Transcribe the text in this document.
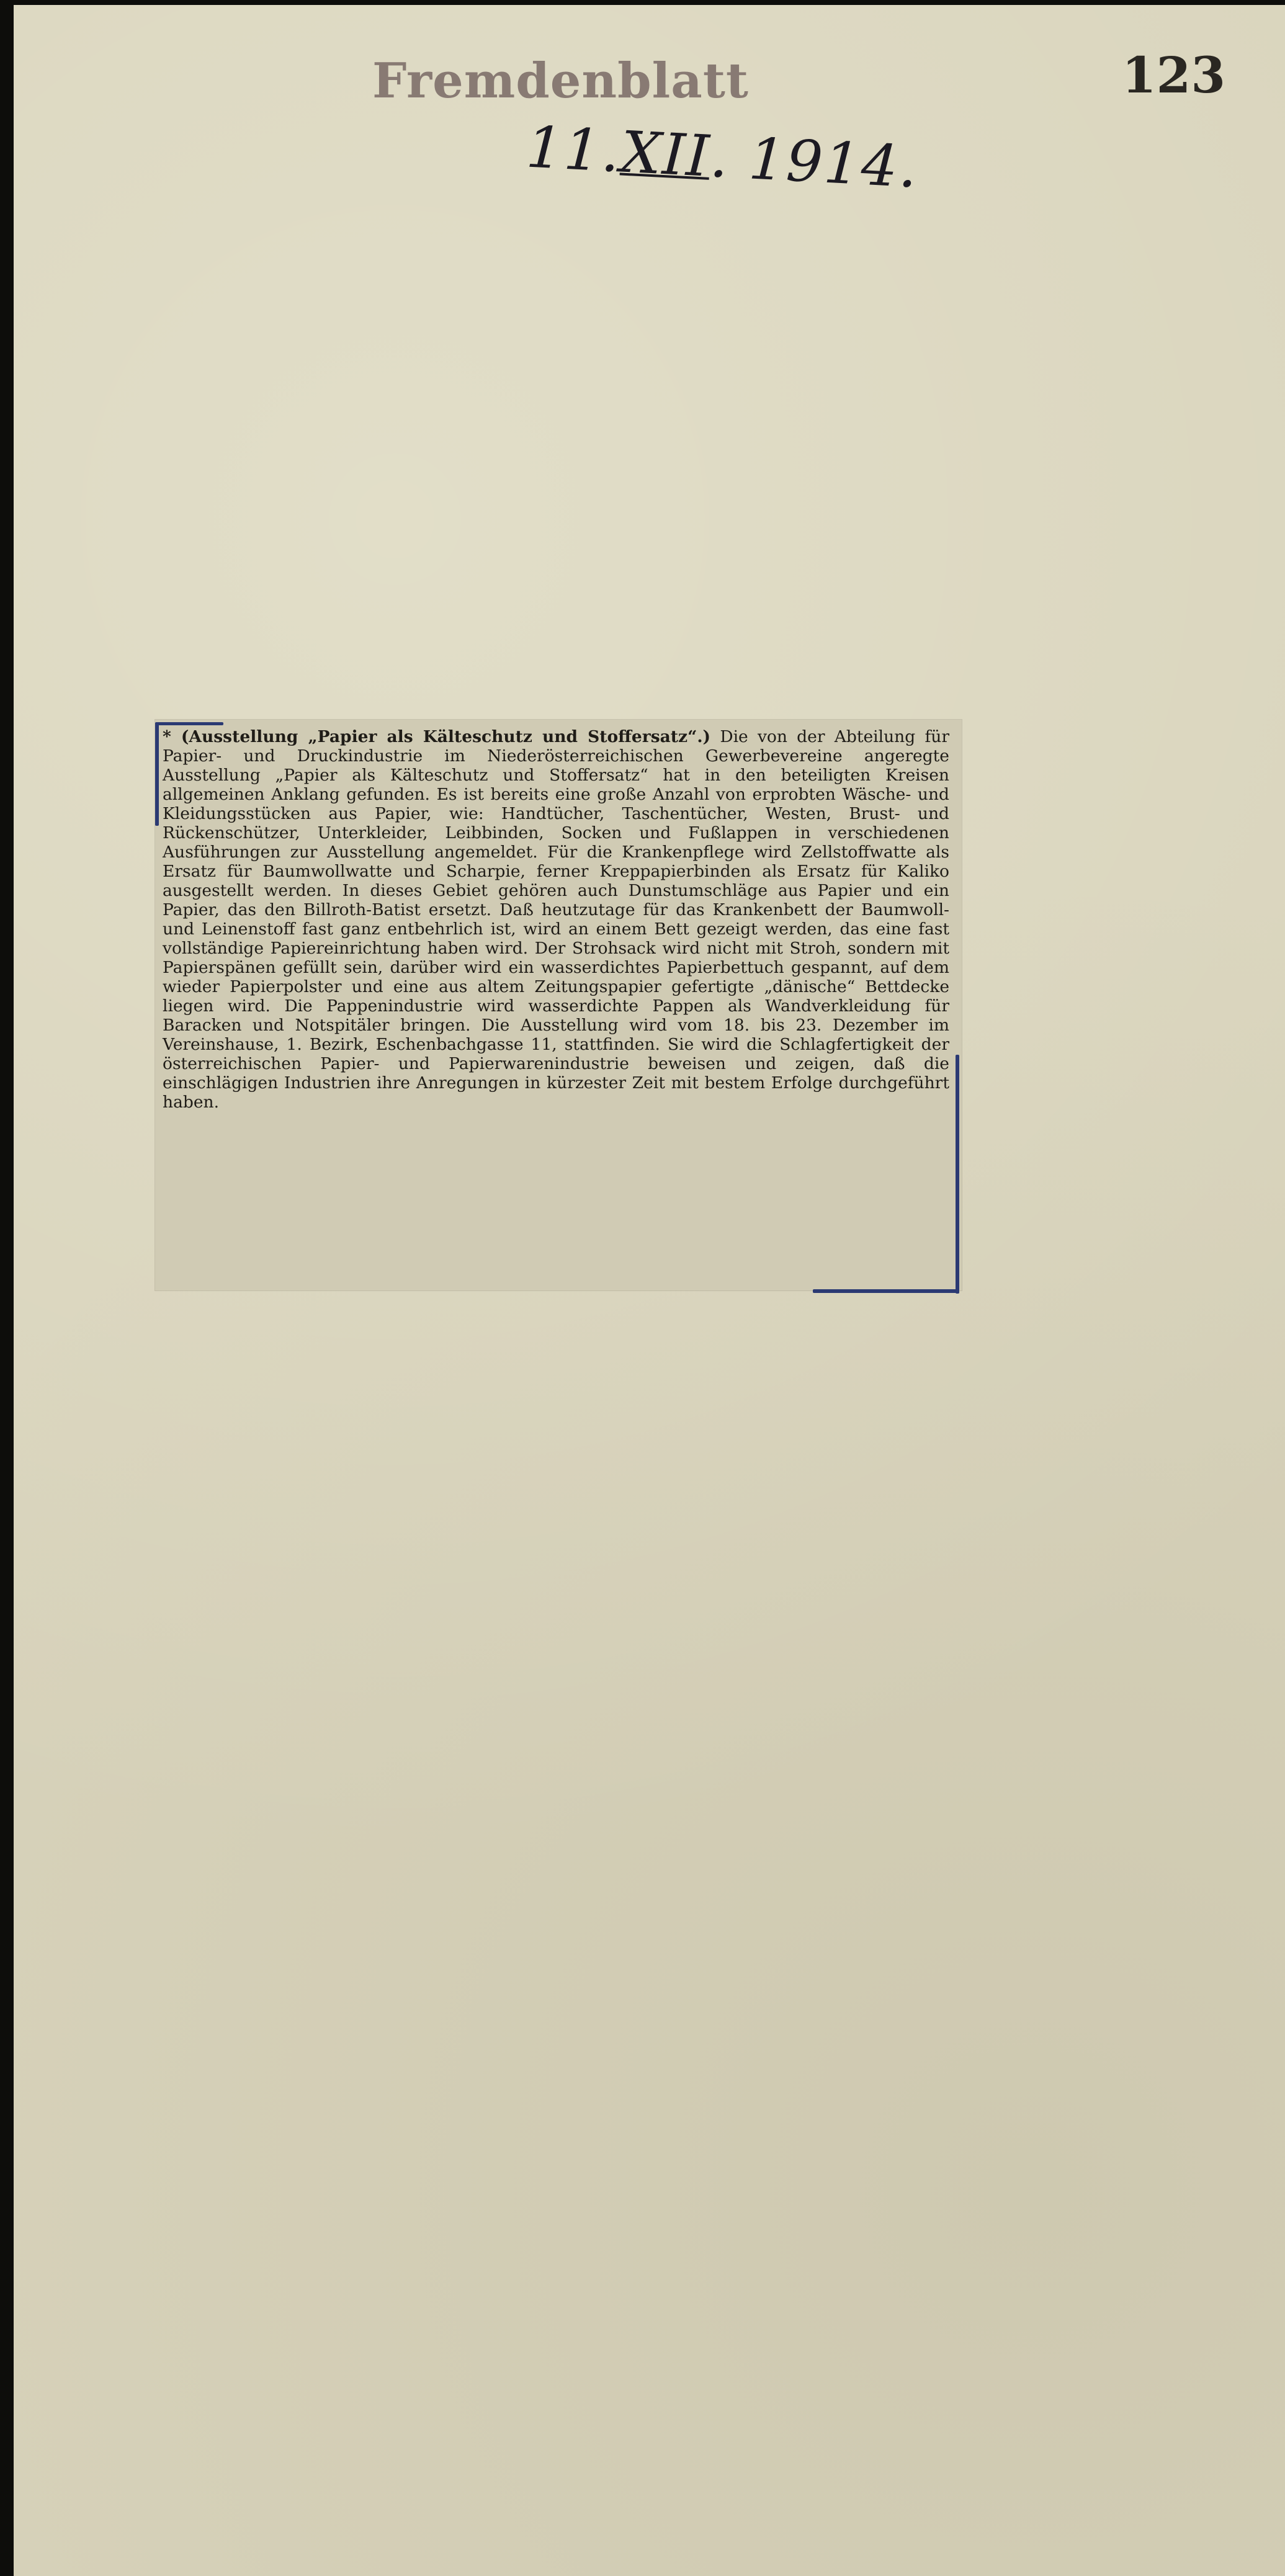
Fremdenblatt	123
11.XII. 1914.

* (Ausstellung „Papier als Kälteschutz und Stoffersatz“.) Die von der Abteilung für Papier- und Druckindustrie im Niederösterreichischen Gewerbevereine angeregte Ausstellung „Papier als Kälteschutz und Stoffersatz“ hat in den beteiligten Kreisen allgemeinen Anklang gefunden. Es ist bereits eine große Anzahl von erprobten Wäsche- und Kleidungsstücken aus Papier, wie: Handtücher, Taschentücher, Westen, Brust- und Rückenschützer, Unterkleider, Leibbinden, Socken und Fußlappen in verschiedenen Ausführungen zur Ausstellung angemeldet. Für die Krankenpflege wird Zellstoffwatte als Ersatz für Baumwollwatte und Scharpie, ferner Kreppapierbinden als Ersatz für Kaliko ausgestellt werden. In dieses Gebiet gehören auch Dunstumschläge aus Papier und ein Papier, das den Billroth-Batist ersetzt. Daß heutzutage für das Krankenbett der Baumwoll- und Leinenstoff fast ganz entbehrlich ist, wird an einem Bett gezeigt werden, das eine fast vollständige Papiereinrichtung haben wird. Der Strohsack wird nicht mit Stroh, sondern mit Papierspänen gefüllt sein, darüber wird ein wasserdichtes Papierbettuch gespannt, auf dem wieder Papierpolster und eine aus altem Zeitungspapier gefertigte „dänische“ Bettdecke liegen wird. Die Pappenindustrie wird wasserdichte Pappen als Wandverkleidung für Baracken und Notspitäler bringen. Die Ausstellung wird vom 18. bis 23. Dezember im Vereinshause, 1. Bezirk, Eschenbachgasse 11, stattfinden. Sie wird die Schlagfertigkeit der österreichischen Papier- und Papierwarenindustrie beweisen und zeigen, daß die einschlägigen Industrien ihre Anregungen in kürzester Zeit mit bestem Erfolge durchgeführt haben.
